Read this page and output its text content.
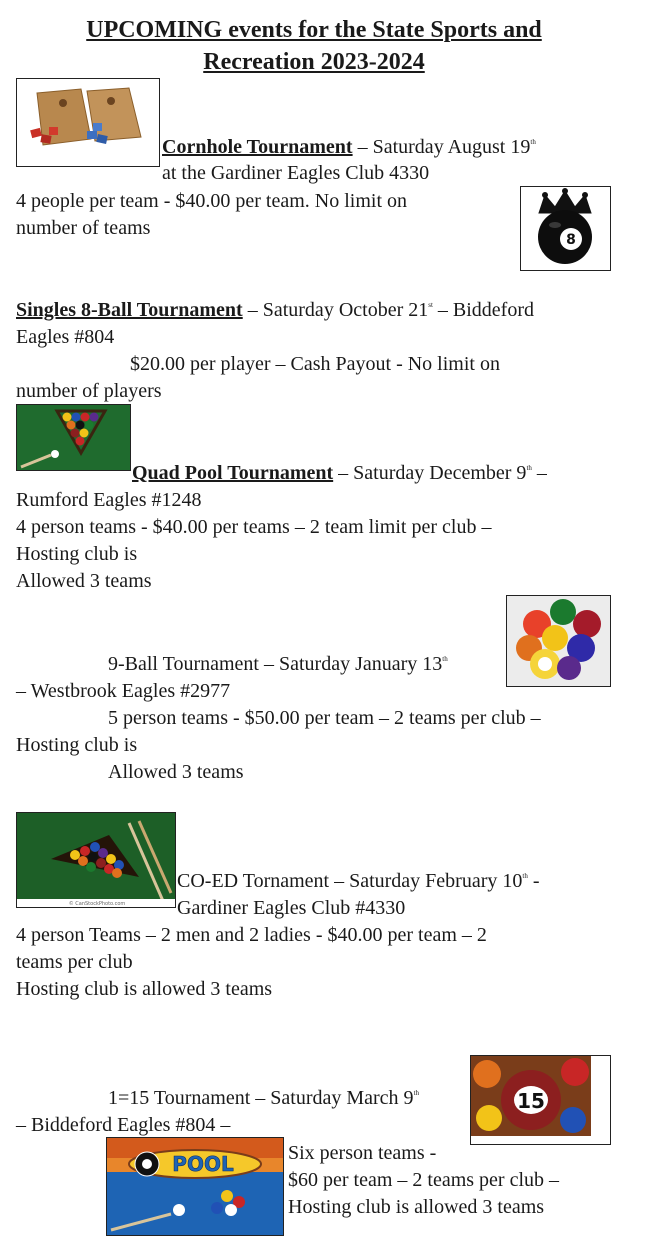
UPCOMING events for the State Sports and
Recreation 2023-2024
Cornhole Tournament – Saturday August 19th
at the Gardiner Eagles Club 4330
4 people per team - $40.00 per team. No limit on
number of teams
8
Singles 8-Ball Tournament – Saturday October 21st – Biddeford
Eagles #804
$20.00 per player – Cash Payout - No limit on
number of players
Quad Pool Tournament – Saturday December 9th –
Rumford Eagles #1248
4 person teams - $40.00 per teams – 2 team limit per club –
Hosting club is
Allowed 3 teams
9-Ball Tournament – Saturday January 13th
– Westbrook Eagles #2977
5 person teams - $50.00 per team – 2 teams per club –
Hosting club is
Allowed 3 teams
© CanStockPhoto.com
CO-ED Tornament – Saturday February 10th -
Gardiner Eagles Club #4330
4 person Teams – 2 men and 2 ladies - $40.00 per team – 2
teams per club
Hosting club is allowed 3 teams
15
1=15 Tournament – Saturday March 9th
– Biddeford Eagles #804 –
POOL	Six person teams -
$60 per team – 2 teams per club –
Hosting club is allowed 3 teams
